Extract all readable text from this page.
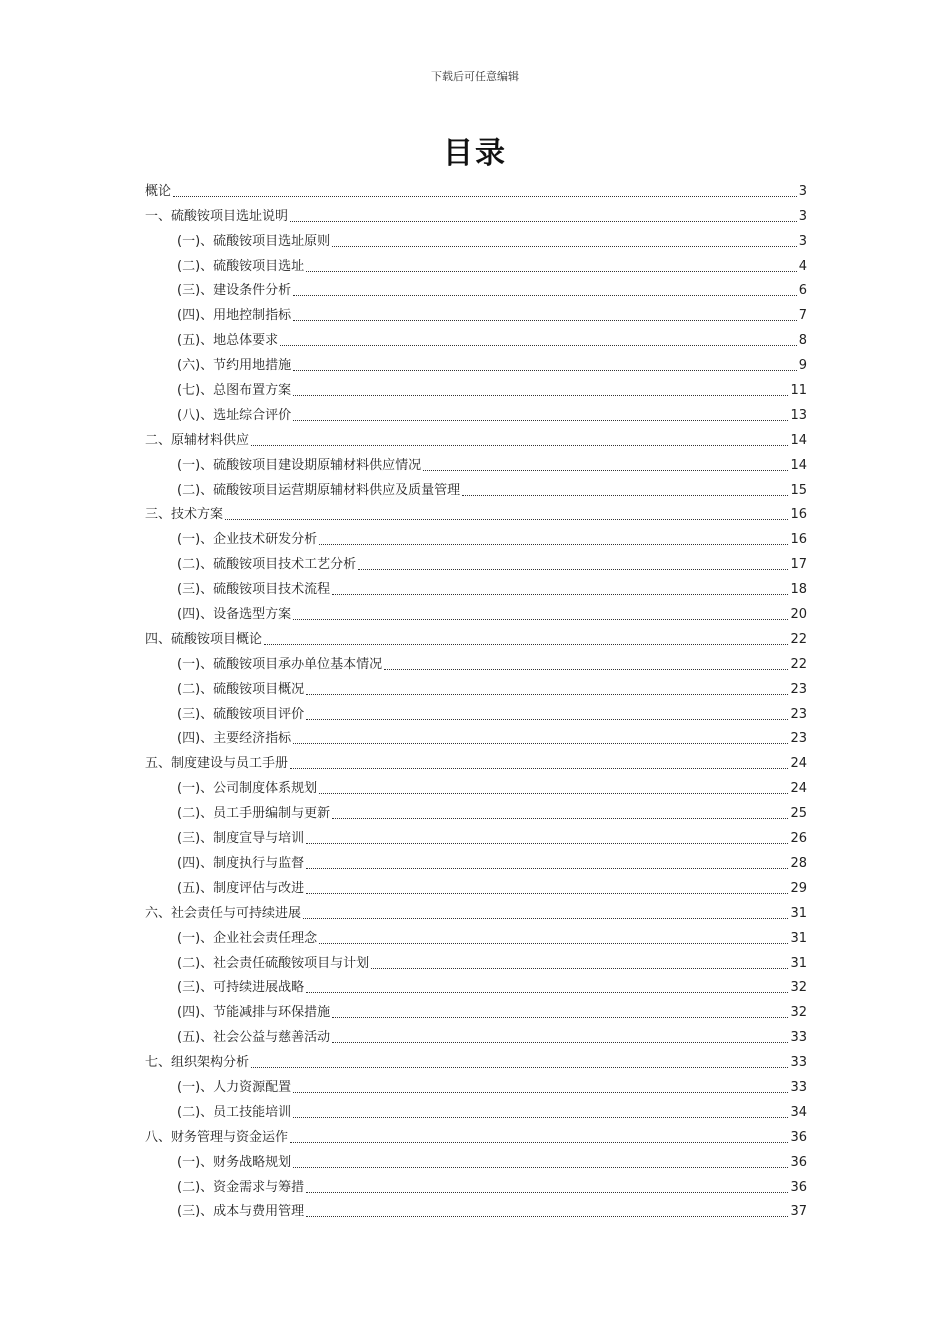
下载后可任意编辑
目录
概论	3
一、硫酸铵项目选址说明	3
(一)、硫酸铵项目选址原则	3
(二)、硫酸铵项目选址	4
(三)、建设条件分析	6
(四)、用地控制指标	7
(五)、地总体要求	8
(六)、节约用地措施	9
(七)、总图布置方案	11
(八)、选址综合评价	13
二、原辅材料供应	14
(一)、硫酸铵项目建设期原辅材料供应情况	14
(二)、硫酸铵项目运营期原辅材料供应及质量管理	15
三、技术方案	16
(一)、企业技术研发分析	16
(二)、硫酸铵项目技术工艺分析	17
(三)、硫酸铵项目技术流程	18
(四)、设备选型方案	20
四、硫酸铵项目概论	22
(一)、硫酸铵项目承办单位基本情况	22
(二)、硫酸铵项目概况	23
(三)、硫酸铵项目评价	23
(四)、主要经济指标	23
五、制度建设与员工手册	24
(一)、公司制度体系规划	24
(二)、员工手册编制与更新	25
(三)、制度宣导与培训	26
(四)、制度执行与监督	28
(五)、制度评估与改进	29
六、社会责任与可持续进展	31
(一)、企业社会责任理念	31
(二)、社会责任硫酸铵项目与计划	31
(三)、可持续进展战略	32
(四)、节能减排与环保措施	32
(五)、社会公益与慈善活动	33
七、组织架构分析	33
(一)、人力资源配置	33
(二)、员工技能培训	34
八、财务管理与资金运作	36
(一)、财务战略规划	36
(二)、资金需求与筹措	36
(三)、成本与费用管理	37
